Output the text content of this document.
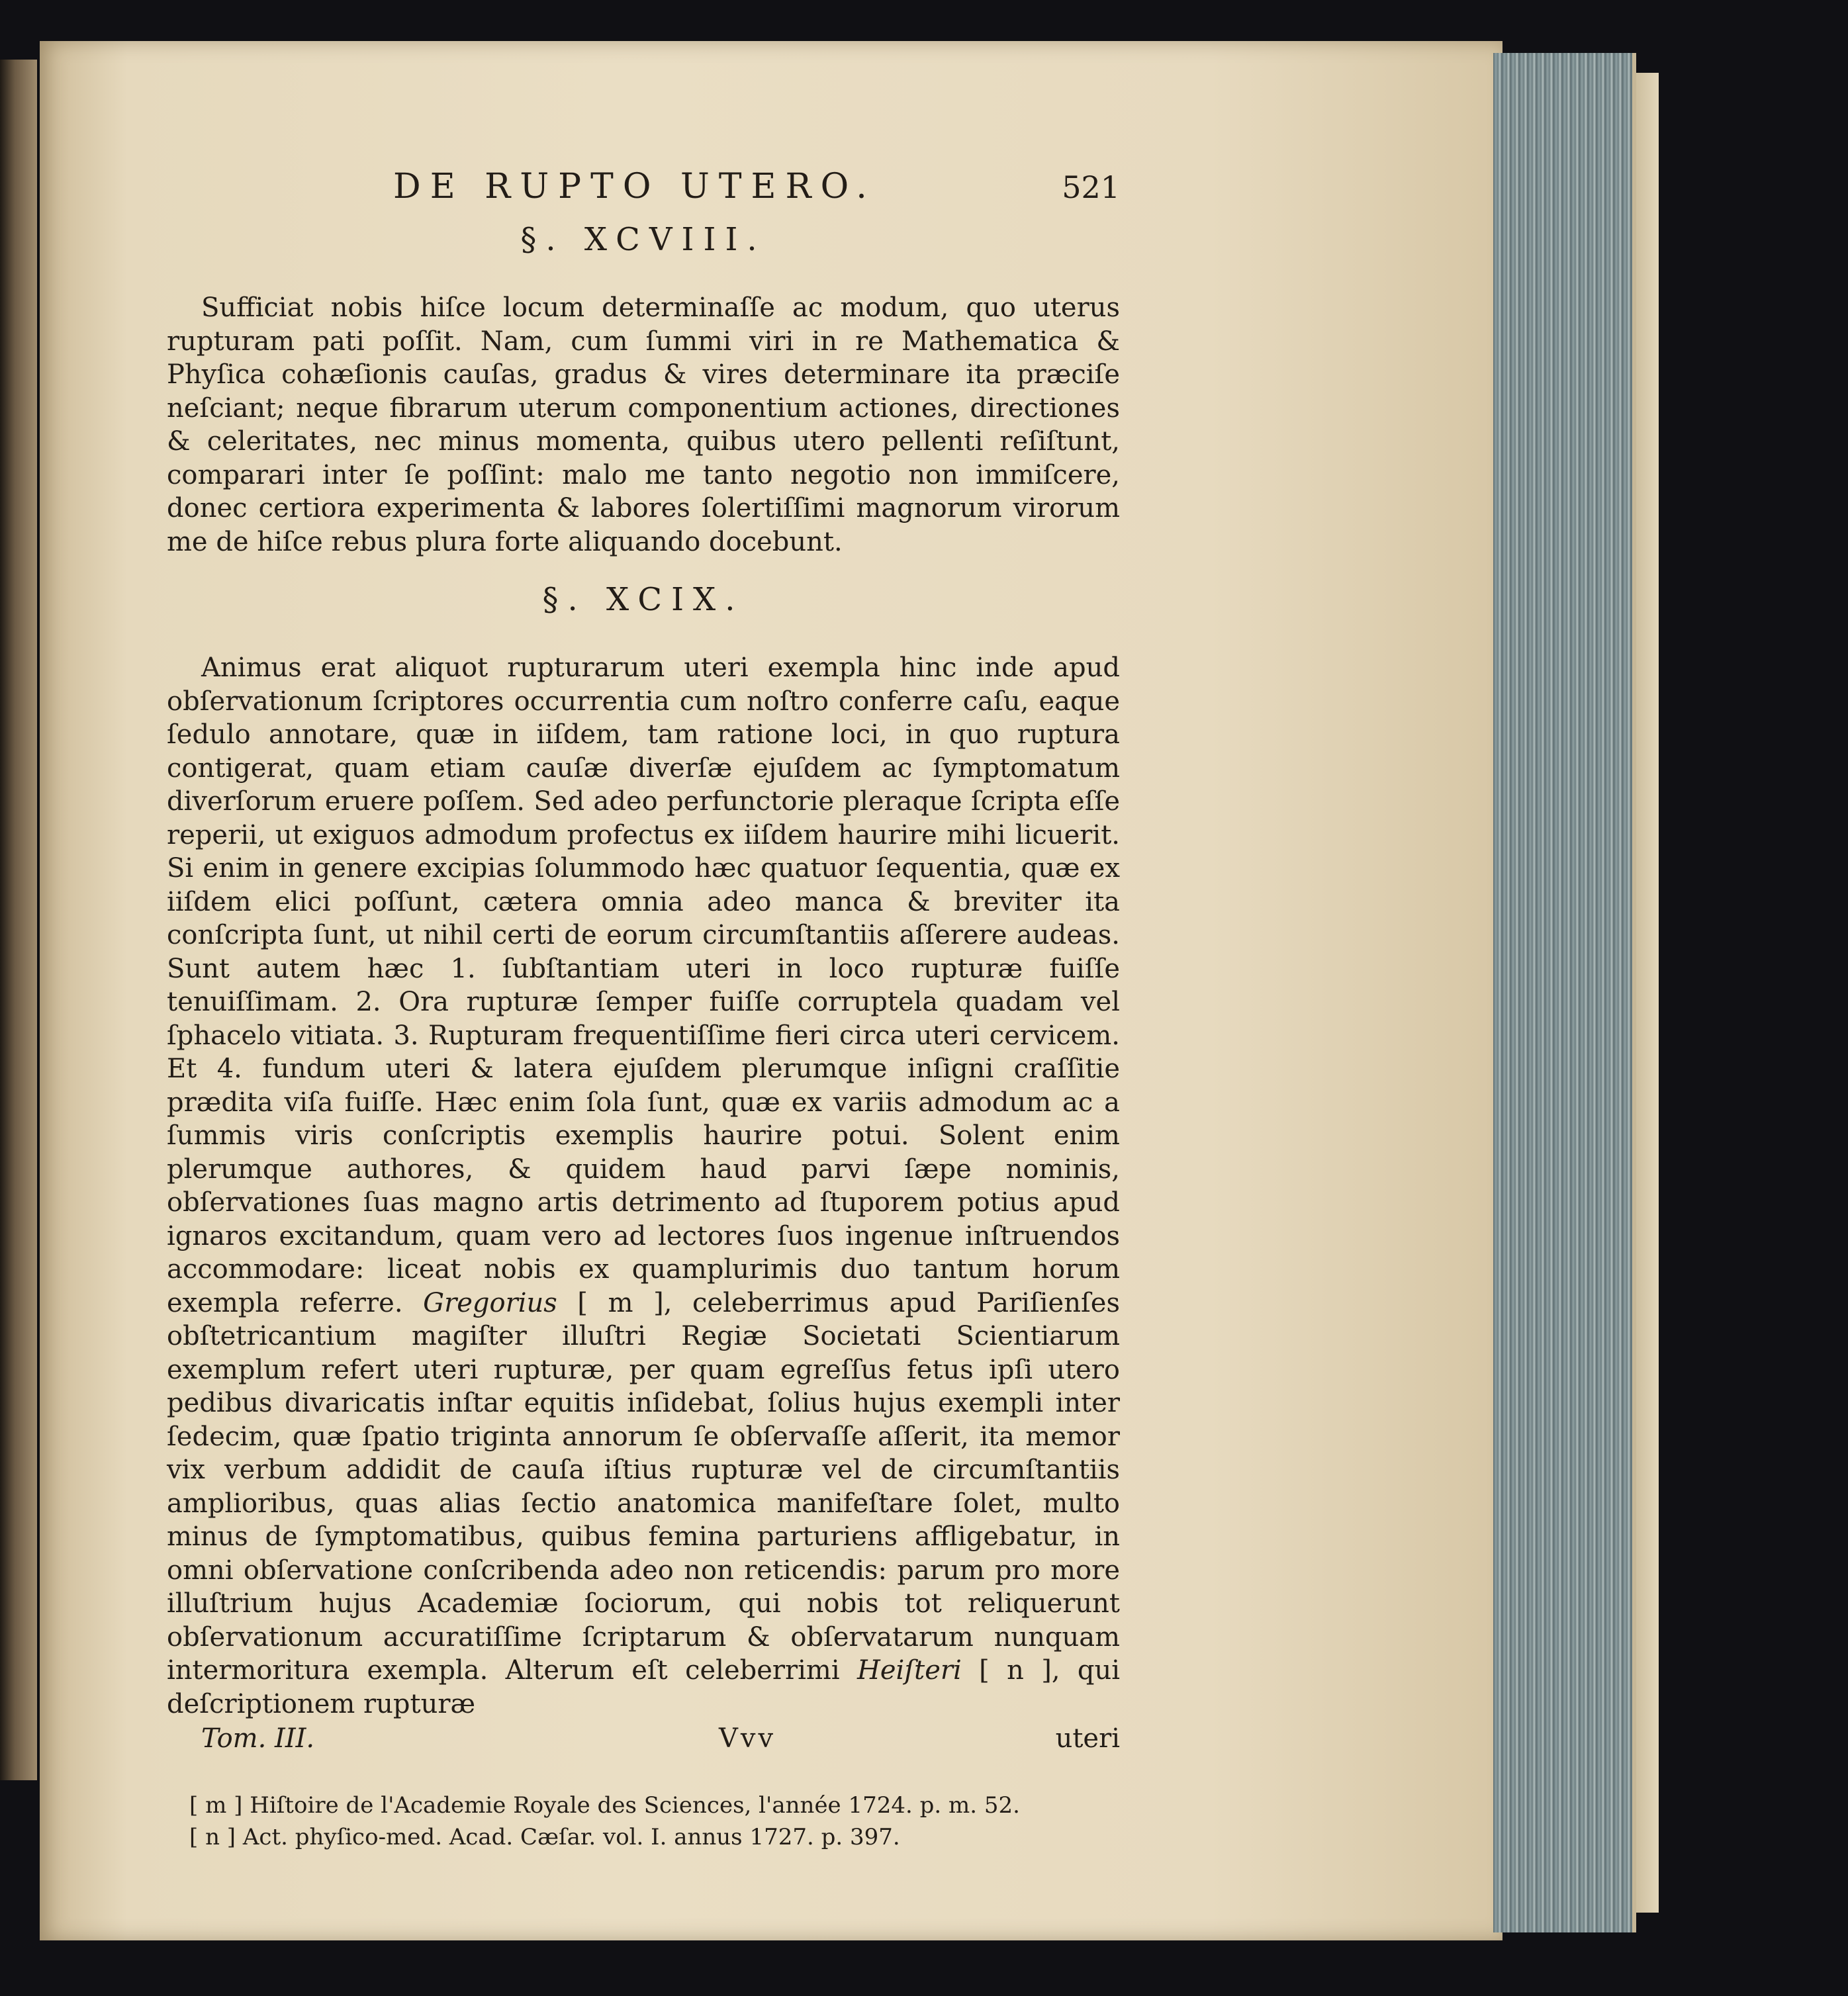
DE RUPTO UTERO.	521
§. XCVIII.

Sufficiat nobis hiſce locum determinaſſe ac modum, quo uterus rupturam pati poſſit. Nam, cum ſummi viri in re Mathematica & Phyſica cohæſionis cauſas, gradus & vires determinare ita præciſe neſciant; neque fibrarum uterum componentium actiones, directiones & celeritates, nec minus momenta, quibus utero pellenti reſiſtunt, comparari inter ſe poſſint: malo me tanto negotio non immiſcere, donec certiora experimenta & labores ſolertiſſimi magnorum virorum me de hiſce rebus plura forte aliquando docebunt.

§. XCIX.

Animus erat aliquot rupturarum uteri exempla hinc inde apud obſervationum ſcriptores occurrentia cum noſtro conferre caſu, eaque ſedulo annotare, quæ in iiſdem, tam ratione loci, in quo ruptura contigerat, quam etiam cauſæ diverſæ ejuſdem ac ſymptomatum diverſorum eruere poſſem. Sed adeo perfunctorie pleraque ſcripta eſſe reperii, ut exiguos admodum profectus ex iiſdem haurire mihi licuerit. Si enim in genere excipias ſolummodo hæc quatuor ſequentia, quæ ex iiſdem elici poſſunt, cætera omnia adeo manca & breviter ita conſcripta ſunt, ut nihil certi de eorum circumſtantiis aſſerere audeas. Sunt autem hæc 1. ſubſtantiam uteri in loco rupturæ fuiſſe tenuiſſimam. 2. Ora rupturæ ſemper fuiſſe corruptela quadam vel ſphacelo vitiata. 3. Rupturam frequentiſſime fieri circa uteri cervicem. Et 4. fundum uteri & latera ejuſdem plerumque inſigni craſſitie prædita viſa fuiſſe. Hæc enim ſola ſunt, quæ ex variis admodum ac a ſummis viris conſcriptis exemplis haurire potui. Solent enim plerumque authores, & quidem haud parvi ſæpe nominis, obſervationes ſuas magno artis detrimento ad ſtuporem potius apud ignaros excitandum, quam vero ad lectores ſuos ingenue inſtruendos accommodare: liceat nobis ex quamplurimis duo tantum horum exempla referre. Gregorius [ m ], celeberrimus apud Pariſienſes obſtetricantium magiſter illuſtri Regiæ Societati Scientiarum exemplum refert uteri rupturæ, per quam egreſſus fetus ipſi utero pedibus divaricatis inſtar equitis inſidebat, ſolius hujus exempli inter ſedecim, quæ ſpatio triginta annorum ſe obſervaſſe aſſerit, ita memor vix verbum addidit de cauſa iſtius rupturæ vel de circumſtantiis amplioribus, quas alias ſectio anatomica manifeſtare ſolet, multo minus de ſymptomatibus, quibus femina parturiens affligebatur, in omni obſervatione conſcribenda adeo non reticendis: parum pro more illuſtrium hujus Academiæ ſociorum, qui nobis tot reliquerunt obſervationum accuratiſſime ſcriptarum & obſervatarum nunquam intermoritura exempla. Alterum eſt celeberrimi Heiſteri [ n ], qui deſcriptionem rupturæ

Tom. III.	Vvv	uteri
[ m ] Hiſtoire de l'Academie Royale des Sciences, l'année 1724. p. m. 52.
[ n ] Act. phyſico-med. Acad. Cæſar. vol. I. annus 1727. p. 397.
